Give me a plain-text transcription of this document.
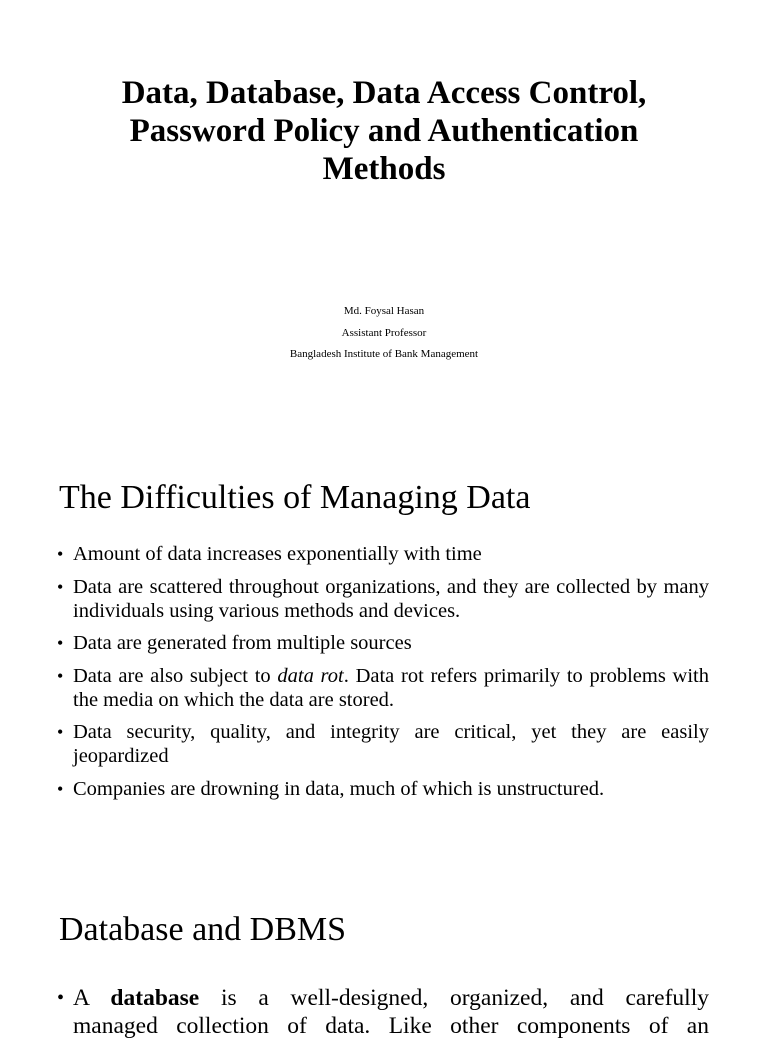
Data, Database, Data Access Control,
Password Policy and Authentication
Methods
Md. Foysal Hasan
Assistant Professor
Bangladesh Institute of Bank Management
The Difficulties of Managing Data
• Amount of data increases exponentially with time
• Data are scattered throughout organizations, and they are collected by many individuals using various methods and devices.
• Data are generated from multiple sources
• Data are also subject to data rot. Data rot refers primarily to problems with the media on which the data are stored.
• Data security, quality, and integrity are critical, yet they are easily jeopardized
• Companies are drowning in data, much of which is unstructured.
Database and DBMS
• A database is a well-designed, organized, and carefully
managed collection of data. Like other components of an
